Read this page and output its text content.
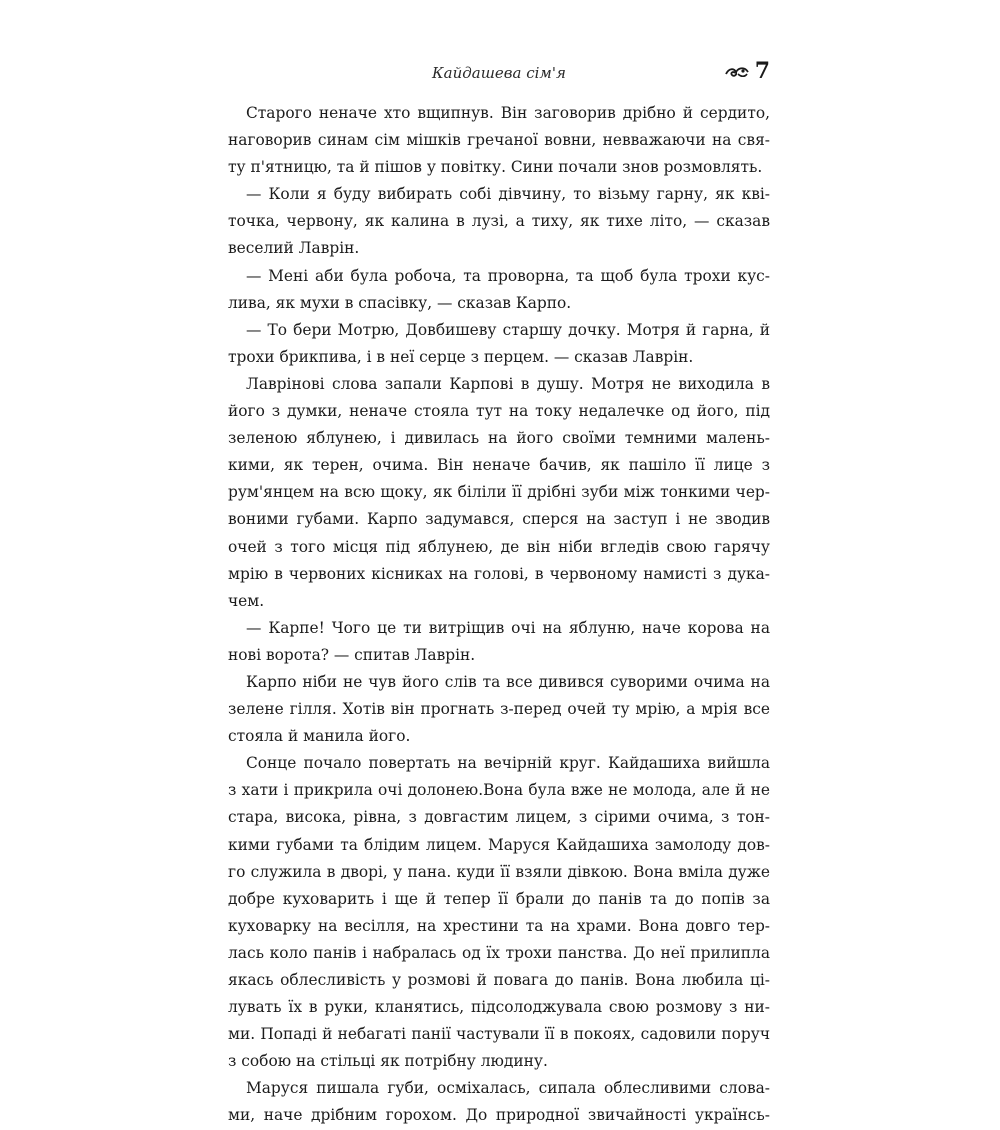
Кайдашева сім'я	7
Старого неначе хто вщипнув. Він заговорив дрібно й сердито,
наговорив синам сім мішків гречаної вовни, невважаючи на свя-
ту п'ятницю, та й пішов у повітку. Сини почали знов розмовлять.
— Коли я буду вибирать собі дівчину, то візьму гарну, як кві-
точка, червону, як калина в лузі, а тиху, як тихе літо, — сказав
веселий Лаврін.
— Мені аби була робоча, та проворна, та щоб була трохи кус-
лива, як мухи в спасівку, — сказав Карпо.
— То бери Мотрю, Довбишеву старшу дочку. Мотря й гарна, й
трохи брикпива, і в неї серце з перцем. — сказав Лаврін.
Лаврінові слова запали Карпові в душу. Мотря не виходила в
його з думки, неначе стояла тут на току недалечке од його, під
зеленою яблунею, і дивилась на його своїми темними малень-
кими, як терен, очима. Він неначе бачив, як пашіло її лице з
рум'янцем на всю щоку, як біліли її дрібні зуби між тонкими чер-
воними губами. Карпо задумався, сперся на заступ і не зводив
очей з того місця під яблунею, де він ніби вгледів свою гарячу
мрію в червоних кісниках на голові, в червоному намисті з дука-
чем.
— Карпе! Чого це ти витріщив очі на яблуню, наче корова на
нові ворота? — спитав Лаврін.
Карпо ніби не чув його слів та все дивився суворими очима на
зелене гілля. Хотів він прогнать з-перед очей ту мрію, а мрія все
стояла й манила його.
Сонце почало повертать на вечірній круг. Кайдашиха вийшла
з хати і прикрила очі долонею.Вона була вже не молода, але й не
стара, висока, рівна, з довгастим лицем, з сірими очима, з тон-
кими губами та блідим лицем. Маруся Кайдашиха замолоду дов-
го служила в дворі, у пана. куди її взяли дівкою. Вона вміла дуже
добре куховарить і ще й тепер її брали до панів та до попів за
куховарку на весілля, на хрестини та на храми. Вона довго тер-
лась коло панів і набралась од їх трохи панства. До неї прилипла
якась облесливість у розмові й повага до панів. Вона любила ці-
лувать їх в руки, кланятись, підсолоджувала свою розмову з ни-
ми. Попаді й небагаті панії частували її в покоях, садовили поруч
з собою на стільці як потрібну людину.
Маруся пишала губи, осміхалась, сипала облесливими слова-
ми, наче дрібним горохом. До природної звичайності українсь-
